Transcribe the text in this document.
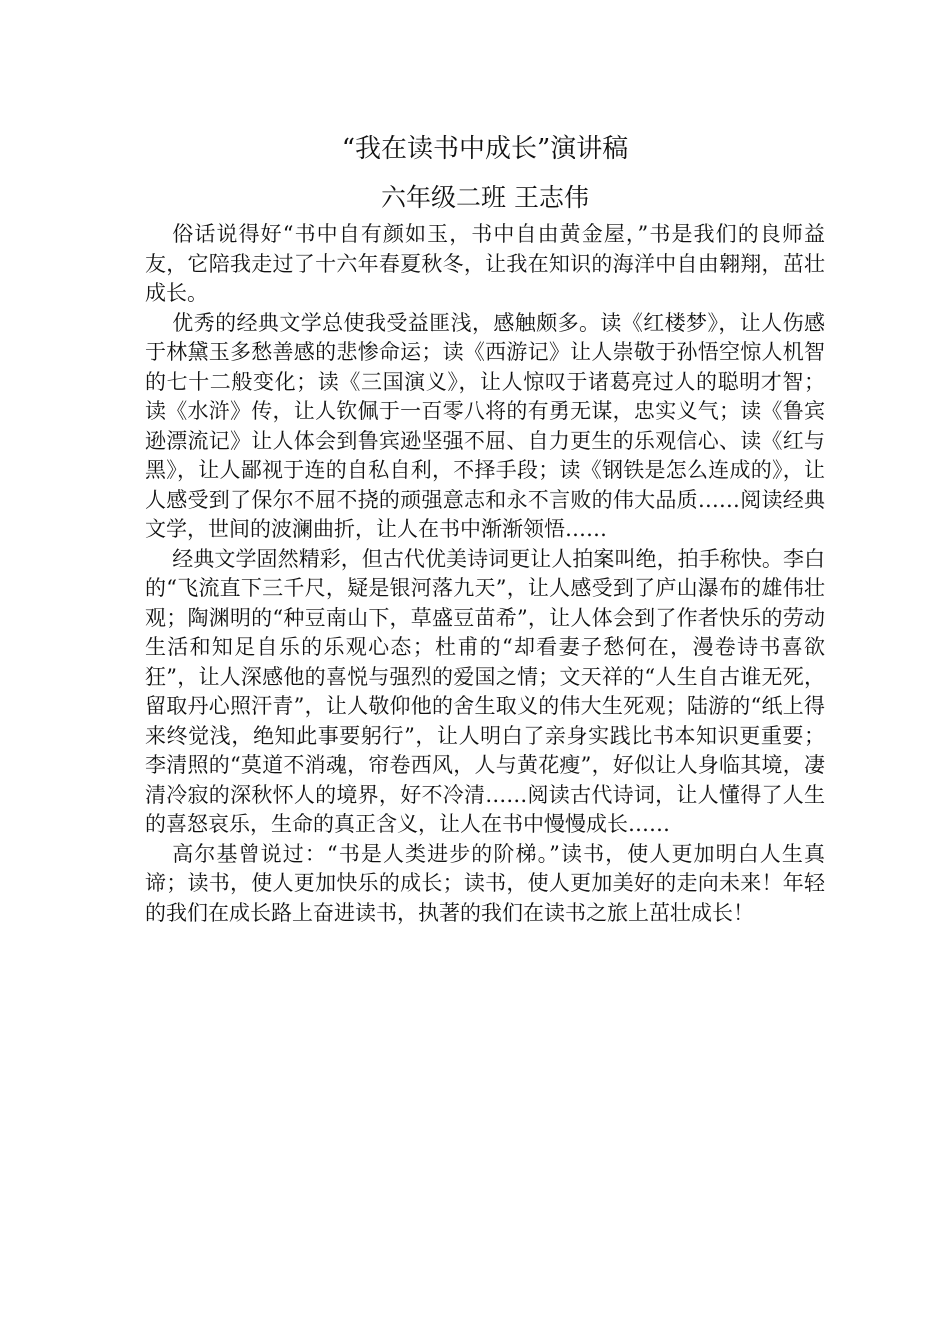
“我在读书中成长”演讲稿
六年级二班 王志伟

俗话说得好“书中自有颜如玉，书中自由黄金屋，”书是我们的良师益友，它陪我走过了十六年春夏秋冬，让我在知识的海洋中自由翱翔，茁壮成长。

优秀的经典文学总使我受益匪浅，感触颇多。读《红楼梦》，让人伤感于林黛玉多愁善感的悲惨命运；读《西游记》让人崇敬于孙悟空惊人机智的七十二般变化；读《三国演义》，让人惊叹于诸葛亮过人的聪明才智；读《水浒》传，让人钦佩于一百零八将的有勇无谋，忠实义气；读《鲁宾逊漂流记》让人体会到鲁宾逊坚强不屈、自力更生的乐观信心、读《红与黑》，让人鄙视于连的自私自利，不择手段；读《钢铁是怎么连成的》，让人感受到了保尔不屈不挠的顽强意志和永不言败的伟大品质……阅读经典文学，世间的波澜曲折，让人在书中渐渐领悟……

经典文学固然精彩，但古代优美诗词更让人拍案叫绝，拍手称快。李白的“飞流直下三千尺，疑是银河落九天”，让人感受到了庐山瀑布的雄伟壮观；陶渊明的“种豆南山下，草盛豆苗希”，让人体会到了作者快乐的劳动生活和知足自乐的乐观心态；杜甫的“却看妻子愁何在，漫卷诗书喜欲狂”，让人深感他的喜悦与强烈的爱国之情；文天祥的“人生自古谁无死，留取丹心照汗青”，让人敬仰他的舍生取义的伟大生死观；陆游的“纸上得来终觉浅，绝知此事要躬行”，让人明白了亲身实践比书本知识更重要；李清照的“莫道不消魂，帘卷西风，人与黄花瘦”，好似让人身临其境，凄清冷寂的深秋怀人的境界，好不冷清……阅读古代诗词，让人懂得了人生的喜怒哀乐，生命的真正含义，让人在书中慢慢成长……

高尔基曾说过：“书是人类进步的阶梯。”读书，使人更加明白人生真谛；读书，使人更加快乐的成长；读书，使人更加美好的走向未来！年轻的我们在成长路上奋进读书，执著的我们在读书之旅上茁壮成长！
